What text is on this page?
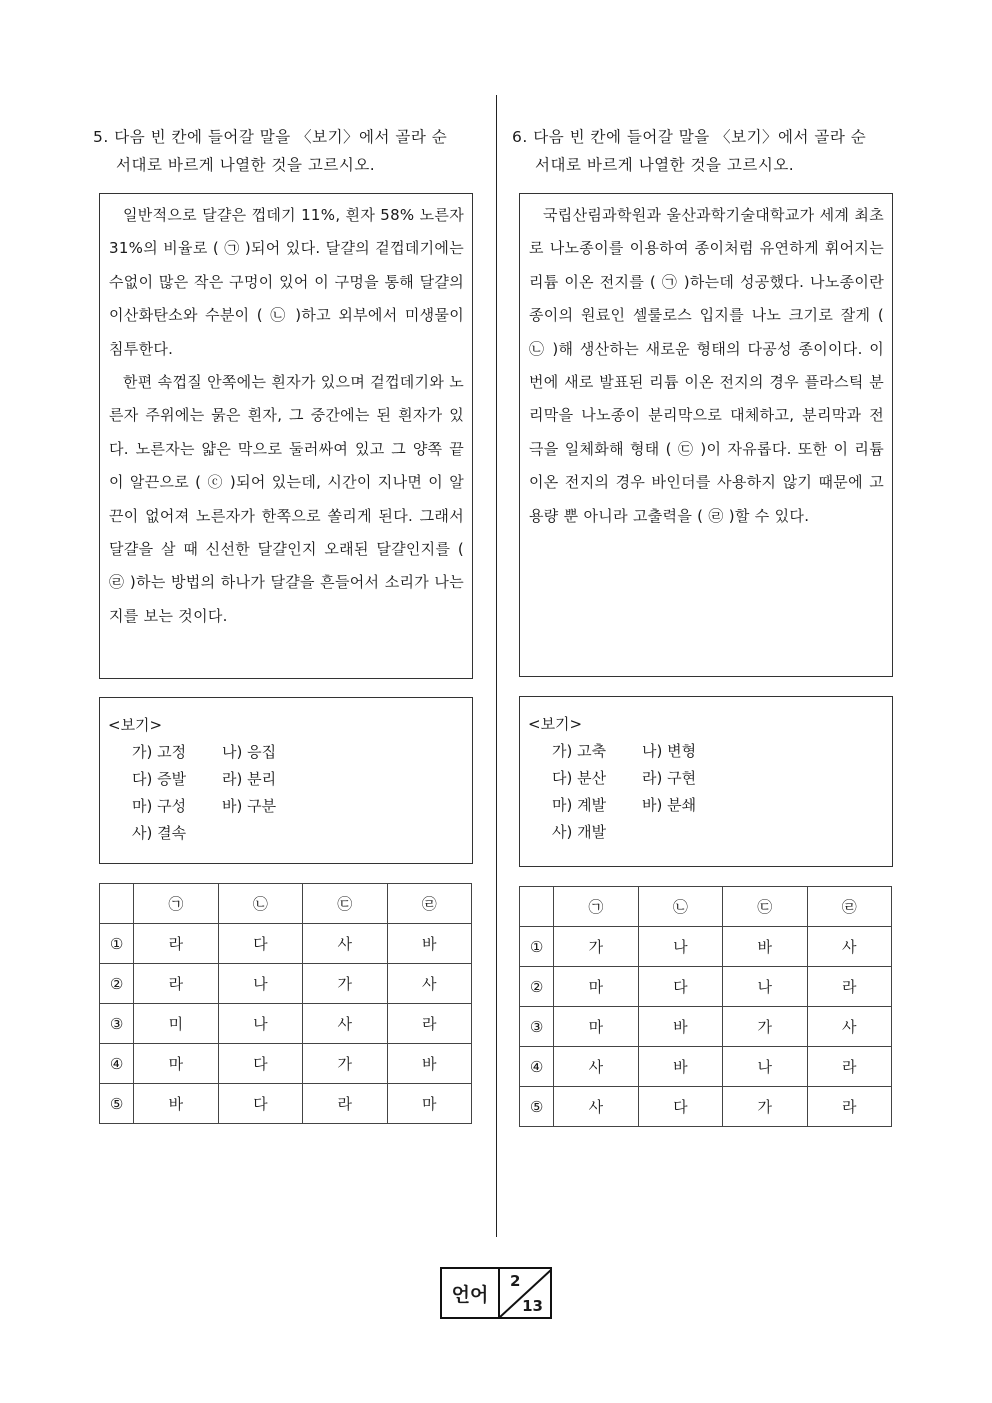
5. 다음 빈 칸에 들어갈 말을 〈보기〉에서 골라 순
서대로 바르게 나열한 것을 고르시오.

일반적으로 달걀은 껍데기 11%, 흰자 58% 노른자 31%의 비율로 ( ㉠ )되어 있다. 달걀의 겉껍데기에는 수없이 많은 작은 구멍이 있어 이 구멍을 통해 달걀의 이산화탄소와 수분이 ( ㉡ )하고 외부에서 미생물이 침투한다.

한편 속껍질 안쪽에는 흰자가 있으며 겉껍데기와 노른자 주위에는 묽은 흰자, 그 중간에는 된 흰자가 있다. 노른자는 얇은 막으로 둘러싸여 있고 그 양쪽 끝이 알끈으로 ( ⓒ )되어 있는데, 시간이 지나면 이 알끈이 없어져 노른자가 한쪽으로 쏠리게 된다. 그래서 달걀을 살 때 신선한 달걀인지 오래된 달걀인지를 ( ㉣ )하는 방법의 하나가 달걀을 흔들어서 소리가 나는지를 보는 것이다.

<보기>
가) 고정 나) 응집
다) 증발 라) 분리
마) 구성 바) 구분
사) 결속
	㉠	㉡	㉢	㉣
①	라	다	사	바
②	라	나	가	사
③	미	나	사	라
④	마	다	가	바
⑤	바	다	라	마
6. 다음 빈 칸에 들어갈 말을 〈보기〉에서 골라 순
서대로 바르게 나열한 것을 고르시오.

국립산림과학원과 울산과학기술대학교가 세계 최초로 나노종이를 이용하여 종이처럼 유연하게 휘어지는 리튬 이온 전지를 ( ㉠ )하는데 성공했다. 나노종이란 종이의 원료인 셀룰로스 입지를 나노 크기로 잘게 ( ㉡ )해 생산하는 새로운 형태의 다공성 종이이다. 이번에 새로 발표된 리튬 이온 전지의 경우 플라스틱 분리막을 나노종이 분리막으로 대체하고, 분리막과 전극을 일체화해 형태 ( ㉢ )이 자유롭다. 또한 이 리튬 이온 전지의 경우 바인더를 사용하지 않기 때문에 고용량 뿐 아니라 고출력을 ( ㉣ )할 수 있다.

<보기>
가) 고축 나) 변형
다) 분산 라) 구현
마) 계발 바) 분쇄
사) 개발
	㉠	㉡	㉢	㉣
①	가	나	바	사
②	마	다	나	라
③	마	바	가	사
④	사	바	나	라
⑤	사	다	가	라
언어
2
13
